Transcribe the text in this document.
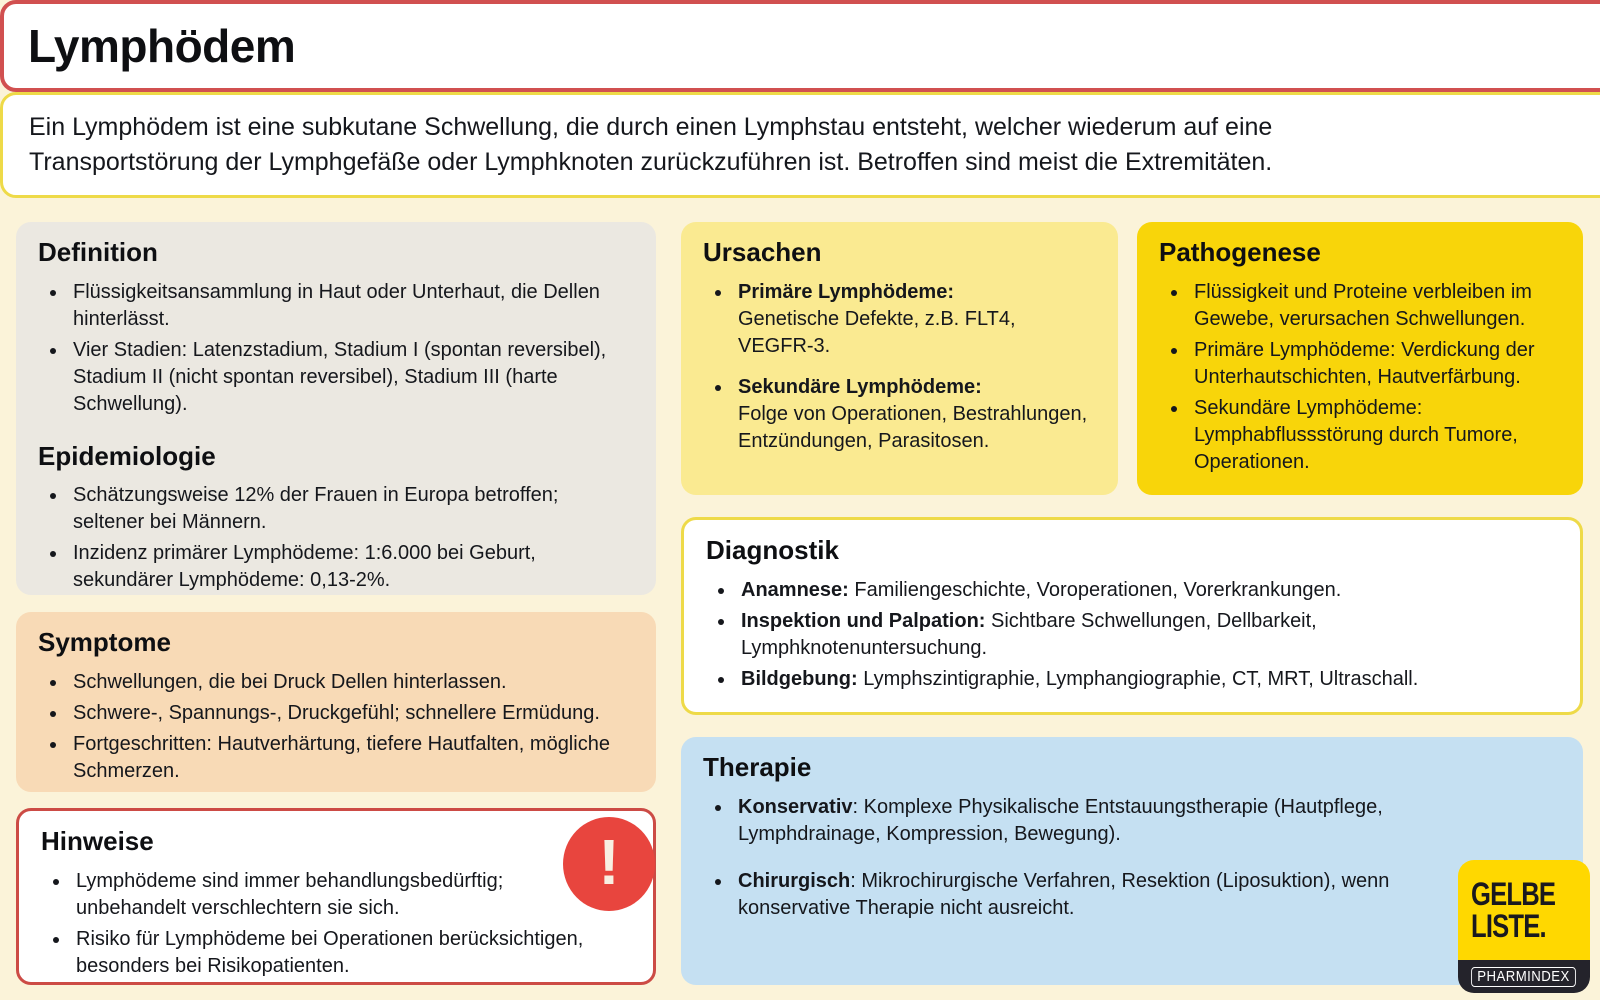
Lymphödem

Ein Lymphödem ist eine subkutane Schwellung, die durch einen Lymphstau entsteht, welcher wiederum auf eine Transportstörung der Lymphgefäße oder Lymphknoten zurückzuführen ist. Betroffen sind meist die Extremitäten.

Definition
• Flüssigkeitsansammlung in Haut oder Unterhaut, die Dellen hinterlässt.
• Vier Stadien: Latenzstadium, Stadium I (spontan reversibel), Stadium II (nicht spontan reversibel), Stadium III (harte Schwellung).
Epidemiologie
• Schätzungsweise 12% der Frauen in Europa betroffen; seltener bei Männern.
• Inzidenz primärer Lymphödeme: 1:6.000 bei Geburt, sekundärer Lymphödeme: 0,13-2%.
Symptome
• Schwellungen, die bei Druck Dellen hinterlassen.
• Schwere-, Spannungs-, Druckgefühl; schnellere Ermüdung.
• Fortgeschritten: Hautverhärtung, tiefere Hautfalten, mögliche Schmerzen.
Hinweise
• Lymphödeme sind immer behandlungsbedürftig; unbehandelt verschlechtern sie sich.
• Risiko für Lymphödeme bei Operationen berücksichtigen, besonders bei Risikopatienten.
Ursachen
• Primäre Lymphödeme:
Genetische Defekte, z.B. FLT4, VEGFR-3.
• Sekundäre Lymphödeme:
Folge von Operationen, Bestrahlungen, Entzündungen, Parasitosen.
Pathogenese
• Flüssigkeit und Proteine verbleiben im Gewebe, verursachen Schwellungen.
• Primäre Lymphödeme: Verdickung der Unterhautschichten, Hautverfärbung.
• Sekundäre Lymphödeme: Lymphabflussstörung durch Tumore, Operationen.
Diagnostik
• Anamnese: Familiengeschichte, Voroperationen, Vorerkrankungen.
• Inspektion und Palpation: Sichtbare Schwellungen, Dellbarkeit, Lymphknotenuntersuchung.
• Bildgebung: Lymphszintigraphie, Lymphangiographie, CT, MRT, Ultraschall.
Therapie
• Konservativ: Komplexe Physikalische Entstauungstherapie (Hautpflege, Lymphdrainage, Kompression, Bewegung).
• Chirurgisch: Mikrochirurgische Verfahren, Resektion (Liposuktion), wenn konservative Therapie nicht ausreicht.
!	GELBE
LISTE.
PHARMINDEX
